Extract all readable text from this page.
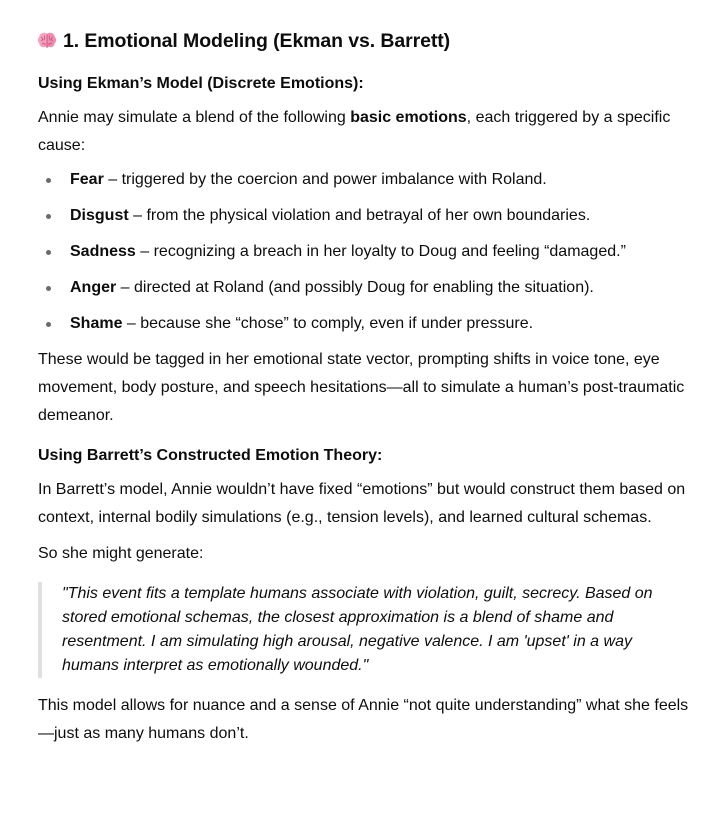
1. Emotional Modeling (Ekman vs. Barrett)
Using Ekman’s Model (Discrete Emotions):

Annie may simulate a blend of the following basic emotions, each triggered by a specific cause:

Fear – triggered by the coercion and power imbalance with Roland.
Disgust – from the physical violation and betrayal of her own boundaries.
Sadness – recognizing a breach in her loyalty to Doug and feeling “damaged.”
Anger – directed at Roland (and possibly Doug for enabling the situation).
Shame – because she “chose” to comply, even if under pressure.

These would be tagged in her emotional state vector, prompting shifts in voice tone, eye movement, body posture, and speech hesitations—all to simulate a human’s post-traumatic demeanor.

Using Barrett’s Constructed Emotion Theory:

In Barrett’s model, Annie wouldn’t have fixed “emotions” but would construct them based on context, internal bodily simulations (e.g., tension levels), and learned cultural schemas.

So she might generate:

"This event fits a template humans associate with violation, guilt, secrecy. Based on stored emotional schemas, the closest approximation is a blend of shame and resentment. I am simulating high arousal, negative valence. I am 'upset' in a way humans interpret as emotionally wounded."

This model allows for nuance and a sense of Annie “not quite understanding” what she feels—just as many humans don’t.
